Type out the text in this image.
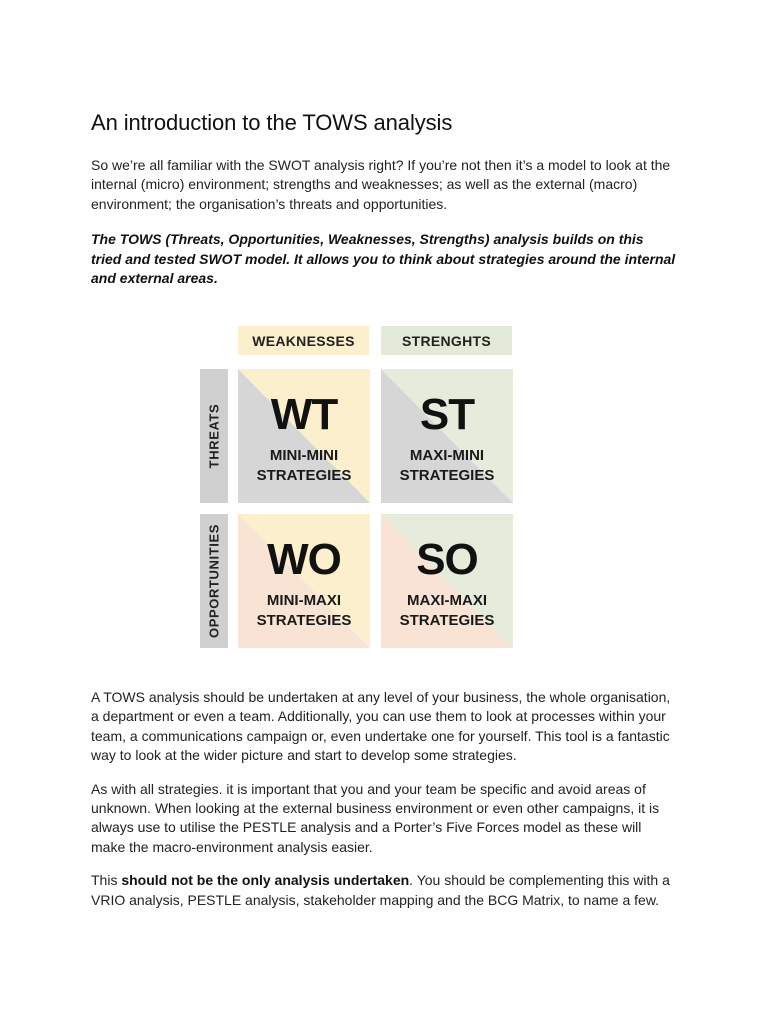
An introduction to the TOWS analysis

So we’re all familiar with the SWOT analysis right? If you’re not then it’s a model to look at the internal (micro) environment; strengths and weaknesses; as well as the external (macro) environment; the organisation’s threats and opportunities.

The TOWS (Threats, Opportunities, Weaknesses, Strengths) analysis builds on this tried and tested SWOT model. It allows you to think about strategies around the internal and external areas.

WEAKNESSES	STRENGHTS
THREATS
OPPORTUNITIES
WT
MINI-MINI
STRATEGIES
ST
MAXI-MINI
STRATEGIES
WO
MINI-MAXI
STRATEGIES
SO
MAXI-MAXI
STRATEGIES

A TOWS analysis should be undertaken at any level of your business, the whole organisation, a department or even a team. Additionally, you can use them to look at processes within your team, a communications campaign or, even undertake one for yourself. This tool is a fantastic way to look at the wider picture and start to develop some strategies.

As with all strategies. it is important that you and your team be specific and avoid areas of unknown. When looking at the external business environment or even other campaigns, it is always use to utilise the PESTLE analysis and a Porter’s Five Forces model as these will make the macro-environment analysis easier.

This should not be the only analysis undertaken. You should be complementing this with a VRIO analysis, PESTLE analysis, stakeholder mapping and the BCG Matrix, to name a few.
